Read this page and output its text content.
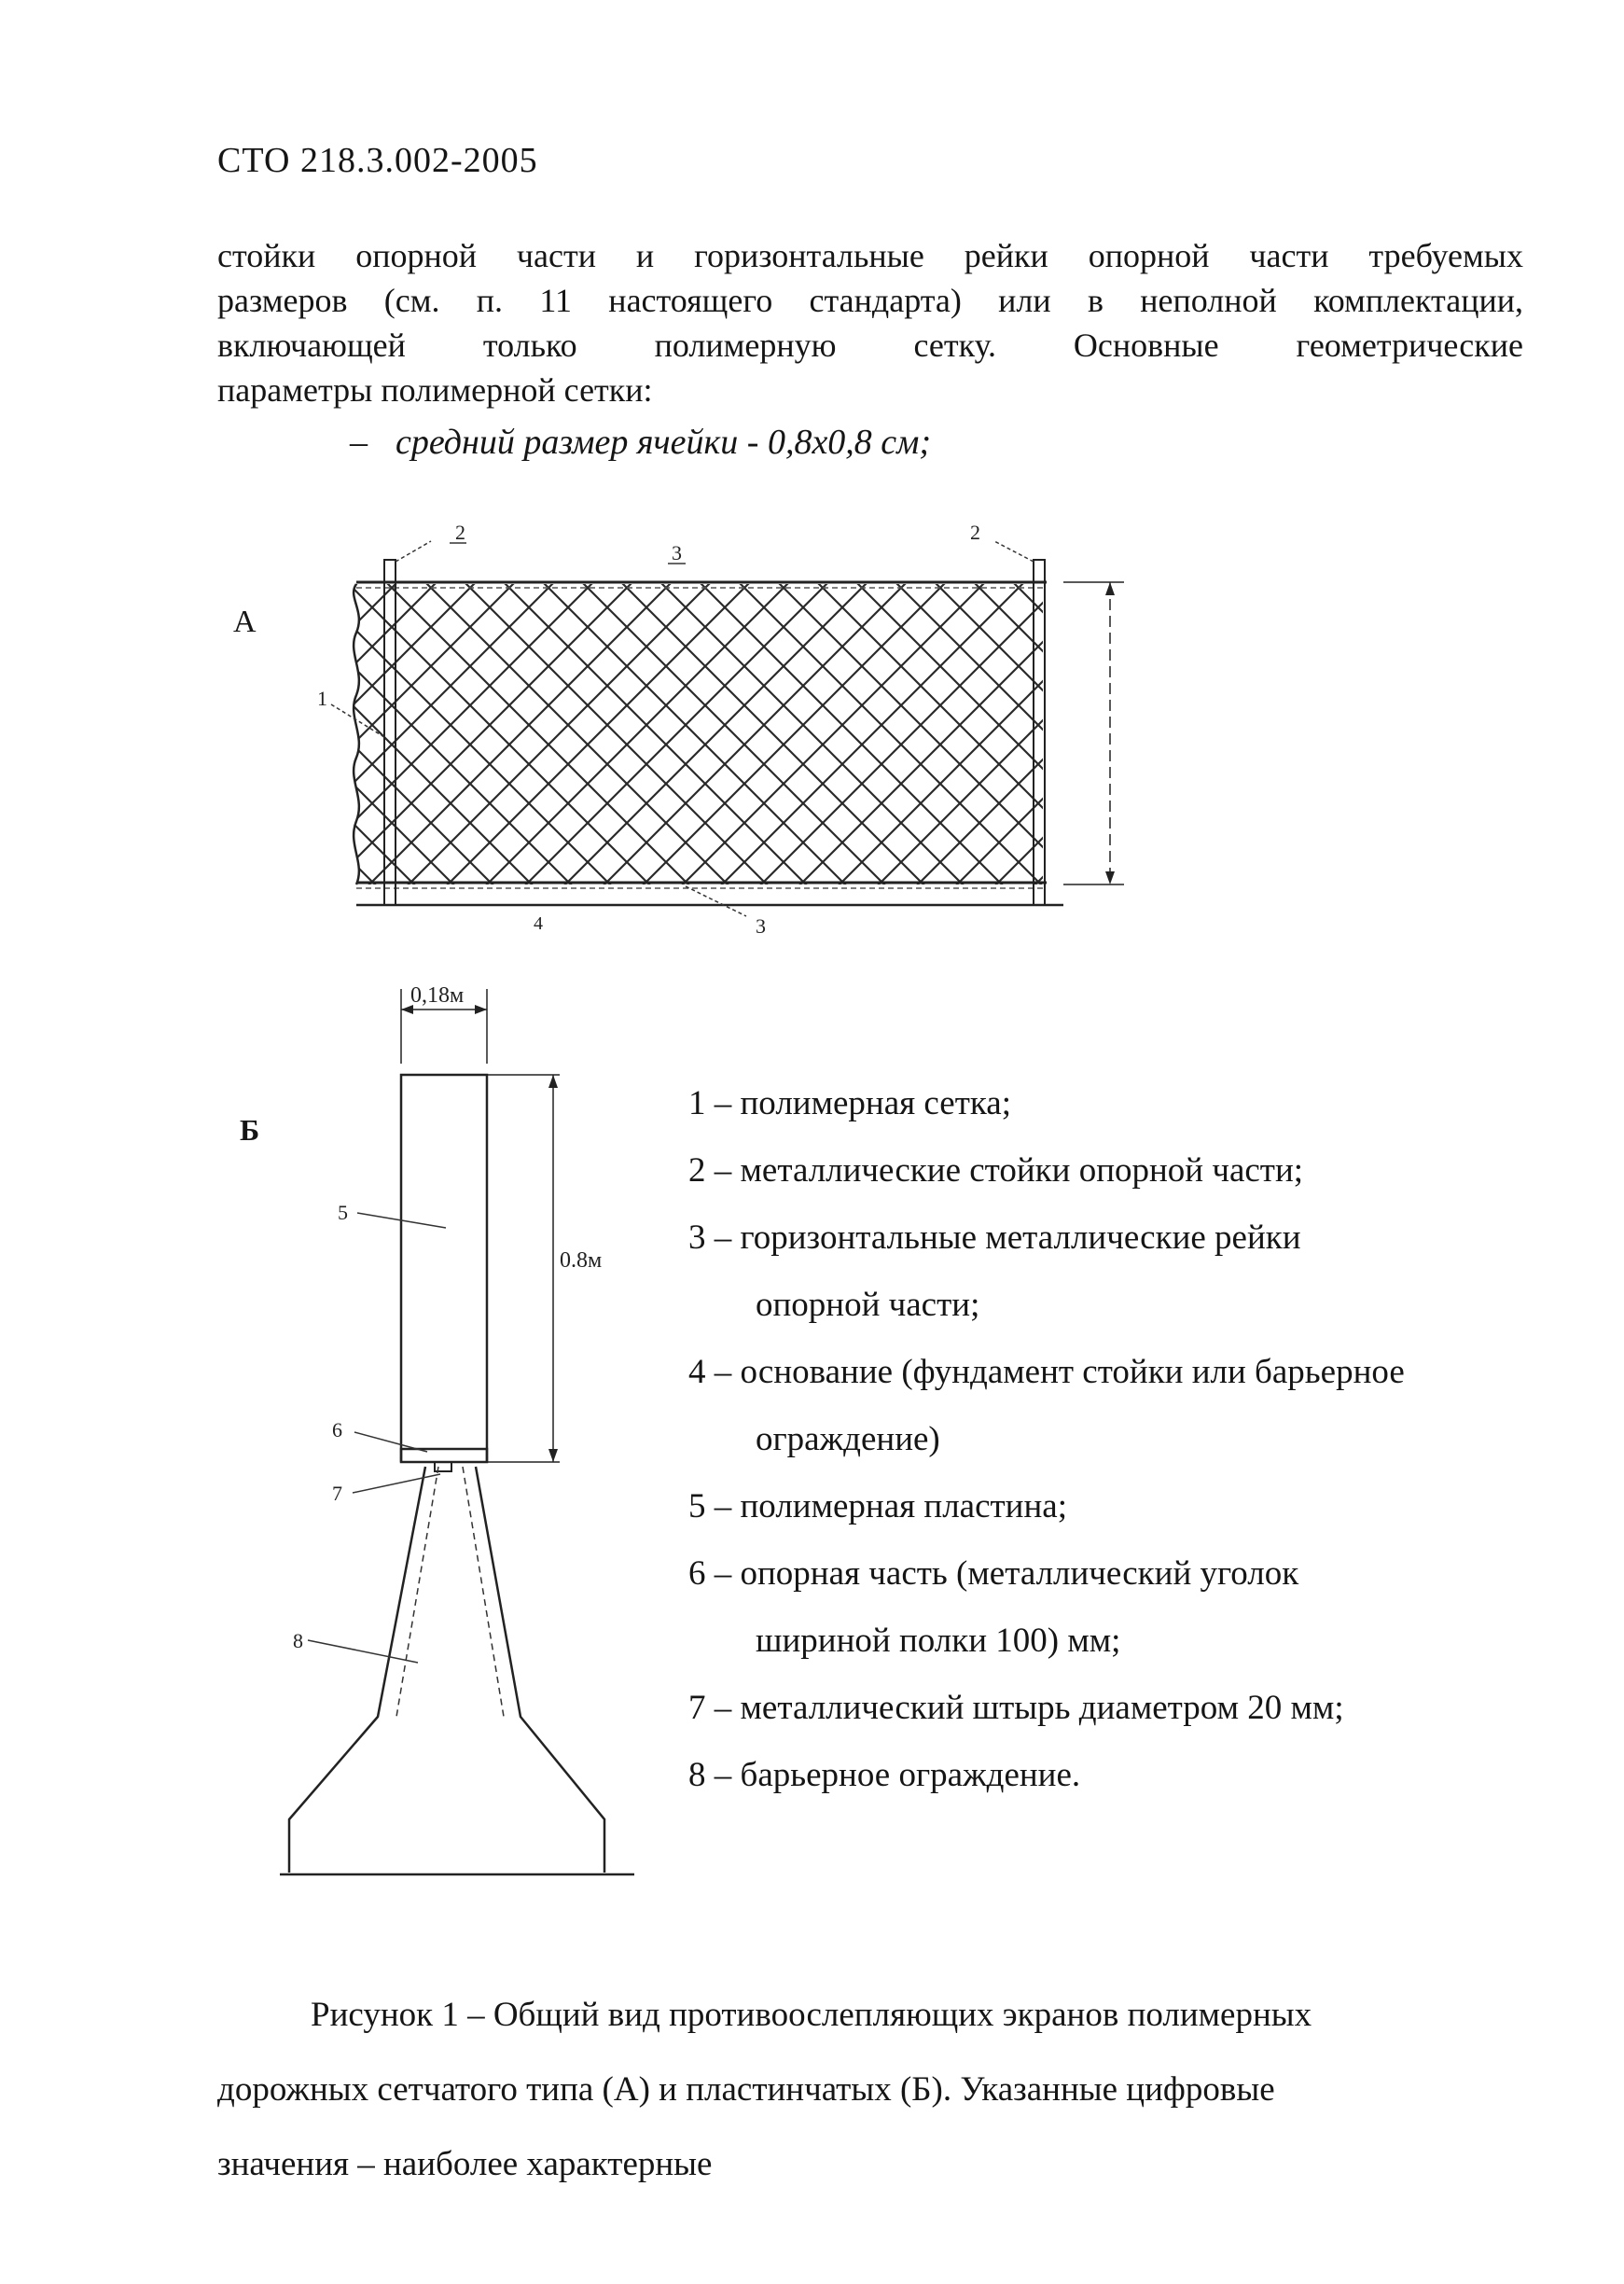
СТО 218.3.002-2005
стойки опорной части и горизонтальные рейки опорной части требуемых
размеров (см. п. 11 настоящего стандарта) или в неполной комплектации,
включающей только полимерную сетку. Основные геометрические
параметры полимерной сетки:
– средний размер ячейки - 0,8х0,8 см;
А
2	2
3
1
4	3
0,18м
0.8м
5
6
7
8
Б
1 – полимерная сетка;
2 – металлические стойки опорной части;
3 – горизонтальные металлические рейки
опорной части;
4 – основание (фундамент стойки или барьерное
ограждение)
5 – полимерная пластина;
6 – опорная часть (металлический уголок
шириной полки 100) мм;
7 – металлический штырь диаметром 20 мм;
8 – барьерное ограждение.
Рисунок 1 – Общий вид противоослепляющих экранов полимерных
дорожных сетчатого типа (А) и пластинчатых (Б). Указанные цифровые
значения – наиболее характерные
